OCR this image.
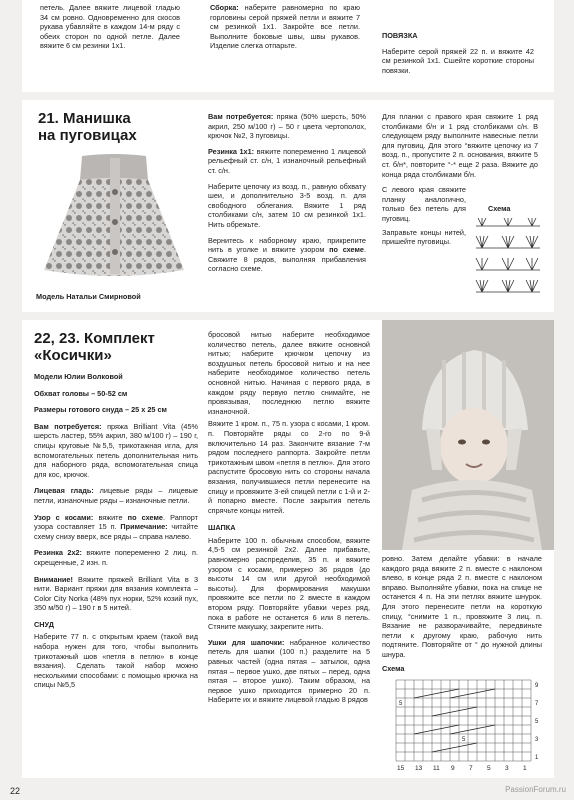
петель. Далее вяжите лицевой гладью 34 см ровно. Одновременно для скосов рукава убавляйте в каждом 14-м ряду с обеих сторон по одной петле. Далее вяжите 6 см резинки 1х1.
Сборка: наберите равномерно по краю горловины серой пряжей петли и вяжите 7 см резинкой 1х1. Закройте все петли. Выполните боковые швы, швы рукавов. Изделие слегка отпарьте.
ПОВЯЗКА
Наберите серой пряжей 22 п. и вяжите 42 см резинкой 1х1. Сшейте короткие стороны повязки.
21. Манишка
на пуговицах
Модель Натальи Смирновой

Вам потребуется: пряжа (50% шерсть, 50% акрил, 250 м/100 г) – 50 г цвета чертополох, крючок №2, 3 пуговицы.

Резинка 1х1: вяжите попеременно 1 лицевой рельефный ст. с/н, 1 изнаночный рельефный ст. с/н.

Наберите цепочку из возд. п., равную обхвату шеи, и дополнительно 3-5 возд. п. для свободного облегания. Вяжите 1 ряд столбиками с/н, затем 10 см резинкой 1х1. Нить обрежьте.

Вернитесь к наборному краю, прикрепите нить в уголке и вяжите узором по схеме. Свяжите 8 рядов, выполняя прибавления согласно схеме.

Для планки с правого края свяжите 1 ряд столбиками б/н и 1 ряд столбиками с/н. В следующем ряду выполните навесные петли для пуговиц. Для этого °вяжите цепочку из 7 возд. п., пропустите 2 п. основания, вяжите 5 ст. б/н*, повторите °-* еще 2 раза. Вяжите до конца ряда столбиками б/н.

С левого края свяжите планку аналогично, только без петель для пуговиц.

Заправьте концы нитей, пришейте пуговицы.

Схема
22, 23. Комплект
«Косички»

Модели Юлии Волковой

Обхват головы – 50-52 см

Размеры готового снуда – 25 х 25 см

Вам потребуется: пряжа Brilliant Vita (45% шерсть ластер, 55% акрил, 380 м/100 г) – 190 г, спицы круговые №5,5, трикотажная игла, для вспомогательных петель дополнительная нить для наборного ряда, вспомогательная спица для кос, крючок.

Лицевая гладь: лицевые ряды – лицевые петли, изнаночные ряды – изнаночные петли.

Узор с косами: вяжите по схеме. Раппорт узора составляет 15 п. Примечание: читайте схему снизу вверх, все ряды – справа налево.

Резинка 2х2: вяжите попеременно 2 лиц. п. скрещенные, 2 изн. п.

Внимание! Вяжите пряжей Brilliant Vita в 3 нити. Вариант пряжи для вязания комплекта – Color City Norka (48% пух норки, 52% козий пух, 350 м/50 г) – 190 г в 5 нитей.

СНУД

Наберите 77 п. с открытым краем (такой вид набора нужен для того, чтобы выполнить трикотажный шов «петля в петлю» в конце вязания). Сделать такой набор можно несколькими способами: с помощью крючка на спицы №5,5

бросовой нитью наберите необходимое количество петель, далее вяжите основной нитью; наберите крючком цепочку из воздушных петель бросовой нитью и на нее наберите необходимое количество петель основной нитью. Начиная с первого ряда, в каждом ряду первую петлю снимайте, не провязывая, последнюю петлю вяжите изнаночной.

Вяжите 1 кром. п., 75 п. узора с косами, 1 кром. п. Повторяйте ряды со 2-го по 9-й включительно 14 раз. Закончите вязание 7-м рядом последнего раппорта. Закройте петли трикотажным швом «петля в петлю». Для этого распустите бросовую нить со стороны начала вязания, получившиеся петли перенесите на спицу и провяжите 3-ей спицей петли с 1-й и 2-й попарно вместе. После закрытия петель спрячьте концы нитей.

ШАПКА

Наберите 100 п. обычным способом, вяжите 4,5-5 см резинкой 2х2. Далее прибавьте, равномерно распределив, 35 п. и вяжите узором с косами, примерно 36 рядов (до высоты 14 см или другой необходимой высоты). Для формирования макушки провяжите все петли по 2 вместе в каждом втором ряду. Повторяйте убавки через ряд, пока в работе не останется 6 или 8 петель. Стяните макушку, закрепите нить.

Ушки для шапочки: набранное количество петель для шапки (100 п.) разделите на 5 равных частей (одна пятая – затылок, одна пятая – первое ушко, две пятых – перед, одна пятая – второе ушко). Таким образом, на первое ушко приходится примерно 20 п. Наберите их и вяжите лицевой гладью 8 рядов

ровно. Затем делайте убавки: в начале каждого ряда вяжите 2 п. вместе с наклоном влево, в конце ряда 2 п. вместе с наклоном вправо. Выполняйте убавки, пока на спице не останется 4 п. На эти петлях вяжите шнурок. Для этого перенесите петли на короткую спицу, °снимите 1 п., провяжите 3 лиц. п. Вязание не разворачивайте, передвиньте петли к другому краю, рабочую нить подтяните. Повторяйте от ° до нужной длины шнура.
Схема
5
5
9
7
5
3
1
15 13 11 9 7 5 3 1
22	PassionForum.ru
